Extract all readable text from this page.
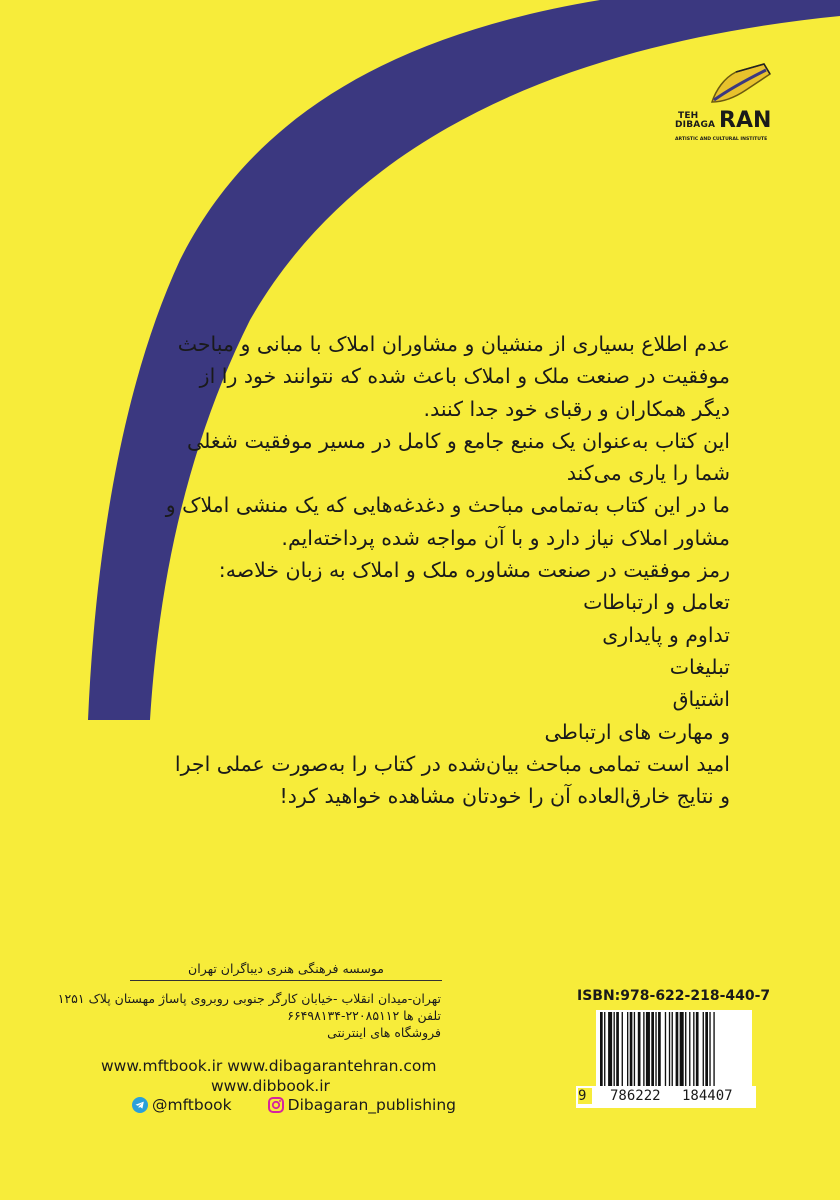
TEH
DIBAGA RAN
ARTISTIC AND CULTURAL INSTITUTE

عدم اطلاع بسیاری از منشیان و مشاوران املاک با مبانی و مباحث موفقیت در صنعت ملک و املاک باعث شده که نتوانند خود را از دیگر همکاران و رقبای خود جدا کنند.

این کتاب به‌عنوان یک منبع جامع و کامل در مسیر موفقیت شغلی شما را یاری می‌کند

ما در این کتاب به‌تمامی مباحث و دغدغه‌هایی که یک منشی املاک و مشاور املاک نیاز دارد و با آن مواجه شده پرداخته‌ایم.

رمز موفقیت در صنعت مشاوره ملک و املاک به زبان خلاصه:

تعامل و ارتباطات

تداوم و پایداری

تبلیغات

اشتیاق

و مهارت های ارتباطی

امید است تمامی مباحث بیان‌شده در کتاب را به‌صورت عملی اجرا و نتایج خارق‌العاده آن را خودتان مشاهده خواهید کرد!

موسسه فرهنگی هنری دیباگران تهران
تهران-میدان انقلاب -خیابان کارگر جنوبی روبروی پاساژ مهستان پلاک ۱۲۵۱
تلفن ها ۲۲۰۸۵۱۱۲-۶۶۴۹۸۱۳۴
فروشگاه های اینترنتی
www.mftbook.ir www.dibagarantehran.com
www.dibbook.ir
@mftbook	Dibagaran_publishing
ISBN:978-622-218-440-7
9	786222 184407
